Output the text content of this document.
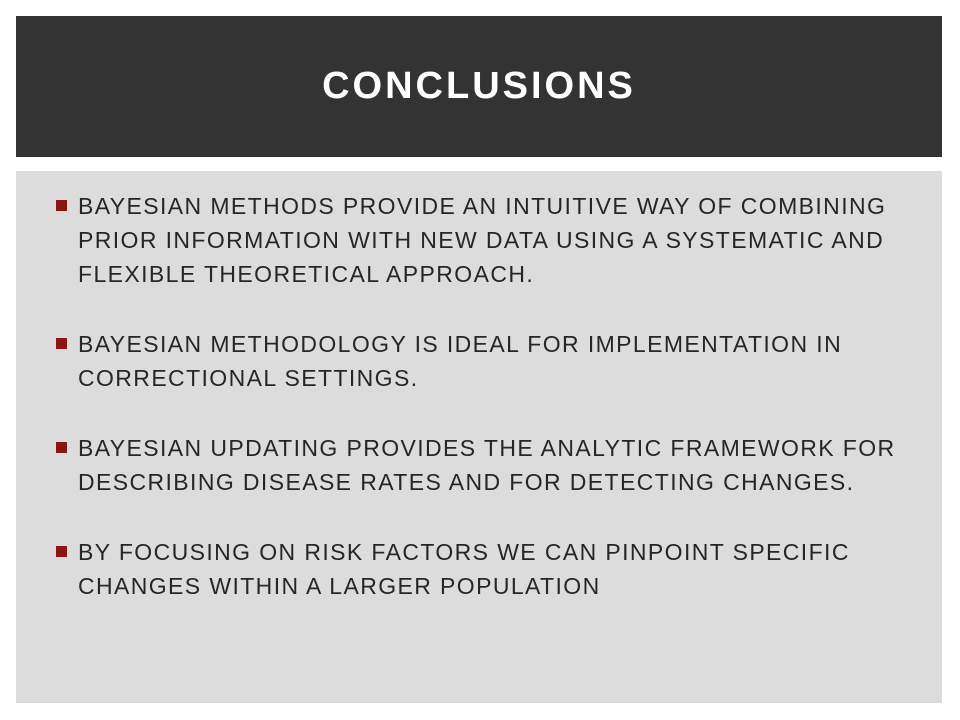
CONCLUSIONS
BAYESIAN METHODS PROVIDE AN INTUITIVE WAY OF COMBINING PRIOR INFORMATION WITH NEW DATA USING A SYSTEMATIC AND FLEXIBLE THEORETICAL APPROACH.
BAYESIAN METHODOLOGY IS IDEAL FOR IMPLEMENTATION IN CORRECTIONAL SETTINGS.
BAYESIAN UPDATING PROVIDES THE ANALYTIC FRAMEWORK FOR DESCRIBING DISEASE RATES AND FOR DETECTING CHANGES.
BY FOCUSING ON RISK FACTORS WE CAN PINPOINT SPECIFIC CHANGES WITHIN A LARGER POPULATION
